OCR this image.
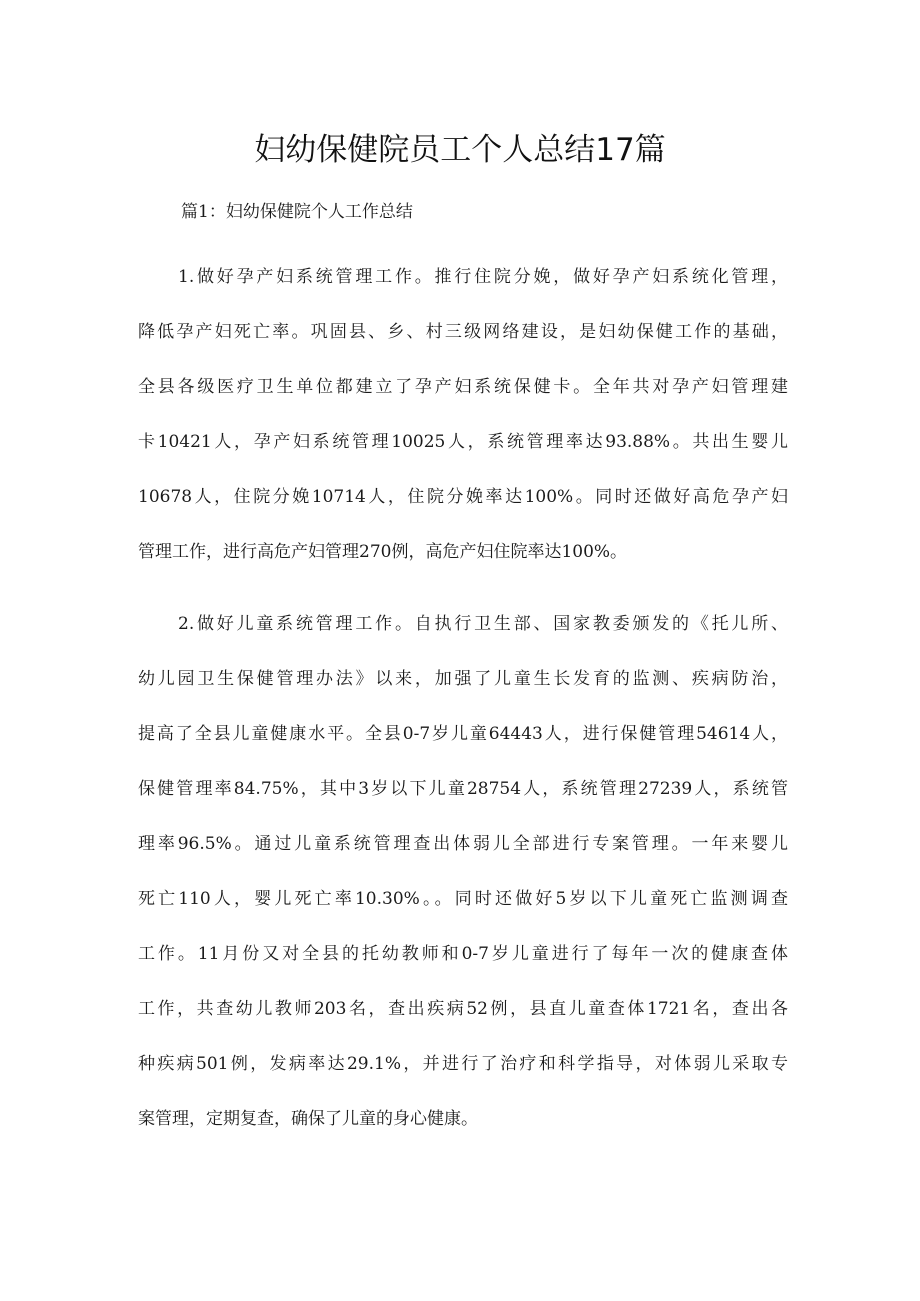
妇幼保健院员工个人总结17篇
篇1：妇幼保健院个人工作总结
1.做好孕产妇系统管理工作。推行住院分娩，做好孕产妇系统化管理，
降低孕产妇死亡率。巩固县、乡、村三级网络建设，是妇幼保健工作的基础，
全县各级医疗卫生单位都建立了孕产妇系统保健卡。全年共对孕产妇管理建
卡10421人，孕产妇系统管理10025人，系统管理率达93.88%。共出生婴儿
10678人，住院分娩10714人，住院分娩率达100%。同时还做好高危孕产妇
管理工作，进行高危产妇管理270例，高危产妇住院率达100%。
2.做好儿童系统管理工作。自执行卫生部、国家教委颁发的《托儿所、
幼儿园卫生保健管理办法》以来，加强了儿童生长发育的监测、疾病防治，
提高了全县儿童健康水平。全县0-7岁儿童64443人，进行保健管理54614人，
保健管理率84.75%，其中3岁以下儿童28754人，系统管理27239人，系统管
理率96.5%。通过儿童系统管理查出体弱儿全部进行专案管理。一年来婴儿
死亡110人，婴儿死亡率10.30%。。同时还做好5岁以下儿童死亡监测调查
工作。11月份又对全县的托幼教师和0-7岁儿童进行了每年一次的健康查体
工作，共查幼儿教师203名，查出疾病52例，县直儿童查体1721名，查出各
种疾病501例，发病率达29.1%，并进行了治疗和科学指导，对体弱儿采取专
案管理，定期复查，确保了儿童的身心健康。
